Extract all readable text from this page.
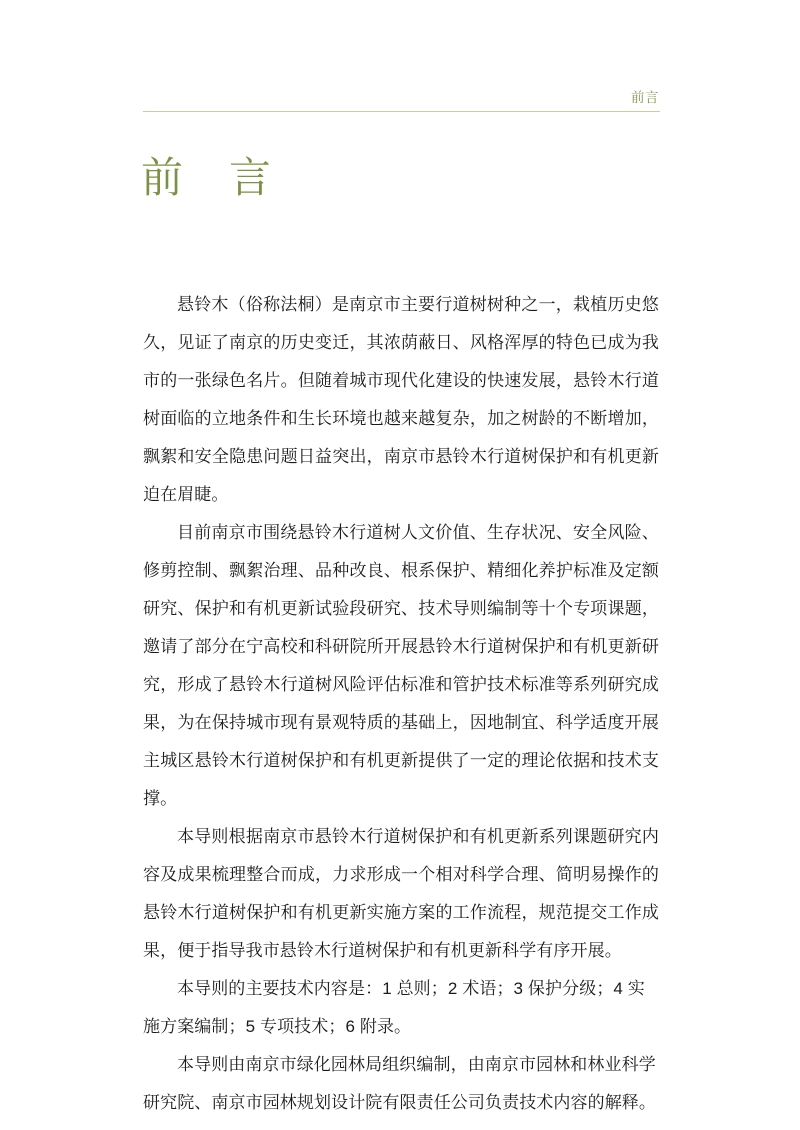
前言
前　言

悬铃木（俗称法桐）是南京市主要行道树树种之一，栽植历史悠久，见证了南京的历史变迁，其浓荫蔽日、风格浑厚的特色已成为我市的一张绿色名片。但随着城市现代化建设的快速发展，悬铃木行道树面临的立地条件和生长环境也越来越复杂，加之树龄的不断增加，飘絮和安全隐患问题日益突出，南京市悬铃木行道树保护和有机更新迫在眉睫。

目前南京市围绕悬铃木行道树人文价值、生存状况、安全风险、修剪控制、飘絮治理、品种改良、根系保护、精细化养护标准及定额研究、保护和有机更新试验段研究、技术导则编制等十个专项课题，邀请了部分在宁高校和科研院所开展悬铃木行道树保护和有机更新研究，形成了悬铃木行道树风险评估标准和管护技术标准等系列研究成果，为在保持城市现有景观特质的基础上，因地制宜、科学适度开展主城区悬铃木行道树保护和有机更新提供了一定的理论依据和技术支撑。

本导则根据南京市悬铃木行道树保护和有机更新系列课题研究内容及成果梳理整合而成，力求形成一个相对科学合理、简明易操作的悬铃木行道树保护和有机更新实施方案的工作流程，规范提交工作成果，便于指导我市悬铃木行道树保护和有机更新科学有序开展。

本导则的主要技术内容是：1 总则；2 术语；3 保护分级；4 实施方案编制；5 专项技术；6 附录。

本导则由南京市绿化园林局组织编制，由南京市园林和林业科学研究院、南京市园林规划设计院有限责任公司负责技术内容的解释。
